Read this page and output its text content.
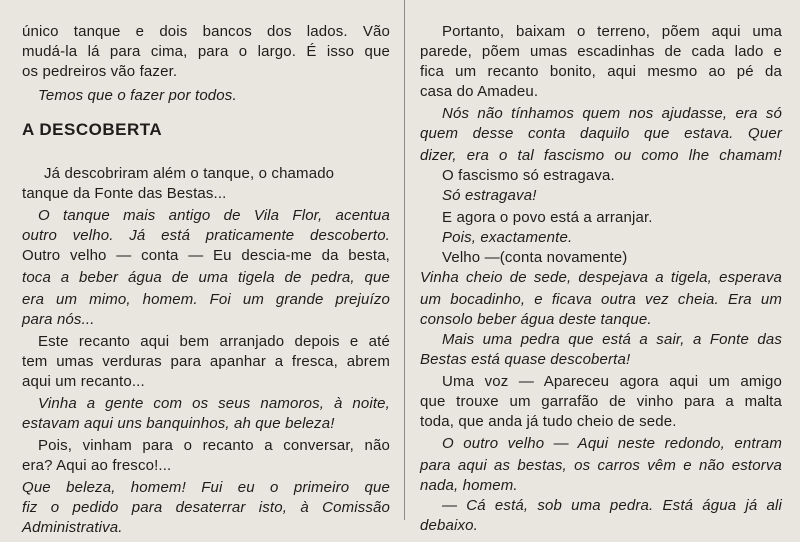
único tanque e dois bancos dos lados. Vão
mudá-la lá para cima, para o largo. É isso que
os pedreiros vão fazer.
Temos que o fazer por todos.
A DESCOBERTA
Já descobriram além o tanque, o chamado
tanque da Fonte das Bestas...
O tanque mais antigo de Vila Flor, acentua
outro velho. Já está praticamente descoberto.
Outro velho — conta — Eu descia-me da besta,
toca a beber água de uma tigela de pedra, que
era um mimo, homem. Foi um grande prejuízo
para nós...
Este recanto aqui bem arranjado depois e até
tem umas verduras para apanhar a fresca, abrem
aqui um recanto...
Vinha a gente com os seus namoros, à noite,
estavam aqui uns banquinhos, ah que beleza!
Pois, vinham para o recanto a conversar, não
era? Aqui ao fresco!...
Que beleza, homem! Fui eu o primeiro que
fiz o pedido para desaterrar isto, à Comissão
Administrativa.
Portanto, baixam o terreno, põem aqui uma
parede, põem umas escadinhas de cada lado e
fica um recanto bonito, aqui mesmo ao pé da
casa do Amadeu.
Nós não tínhamos quem nos ajudasse, era só
quem desse conta daquilo que estava. Quer
dizer, era o tal fascismo ou como lhe chamam!
O fascismo só estragava.
Só estragava!
E agora o povo está a arranjar.
Pois, exactamente.
Velho —(conta novamente)
Vinha cheio de sede, despejava a tigela, esperava
um bocadinho, e ficava outra vez cheia. Era um
consolo beber água deste tanque.
Mais uma pedra que está a sair, a Fonte das
Bestas está quase descoberta!
Uma voz — Apareceu agora aqui um amigo
que trouxe um garrafão de vinho para a malta
toda, que anda já tudo cheio de sede.
O outro velho — Aqui neste redondo, entram
para aqui as bestas, os carros vêm e não estorva
nada, homem.
— Cá está, sob uma pedra. Está água já ali
debaixo.
